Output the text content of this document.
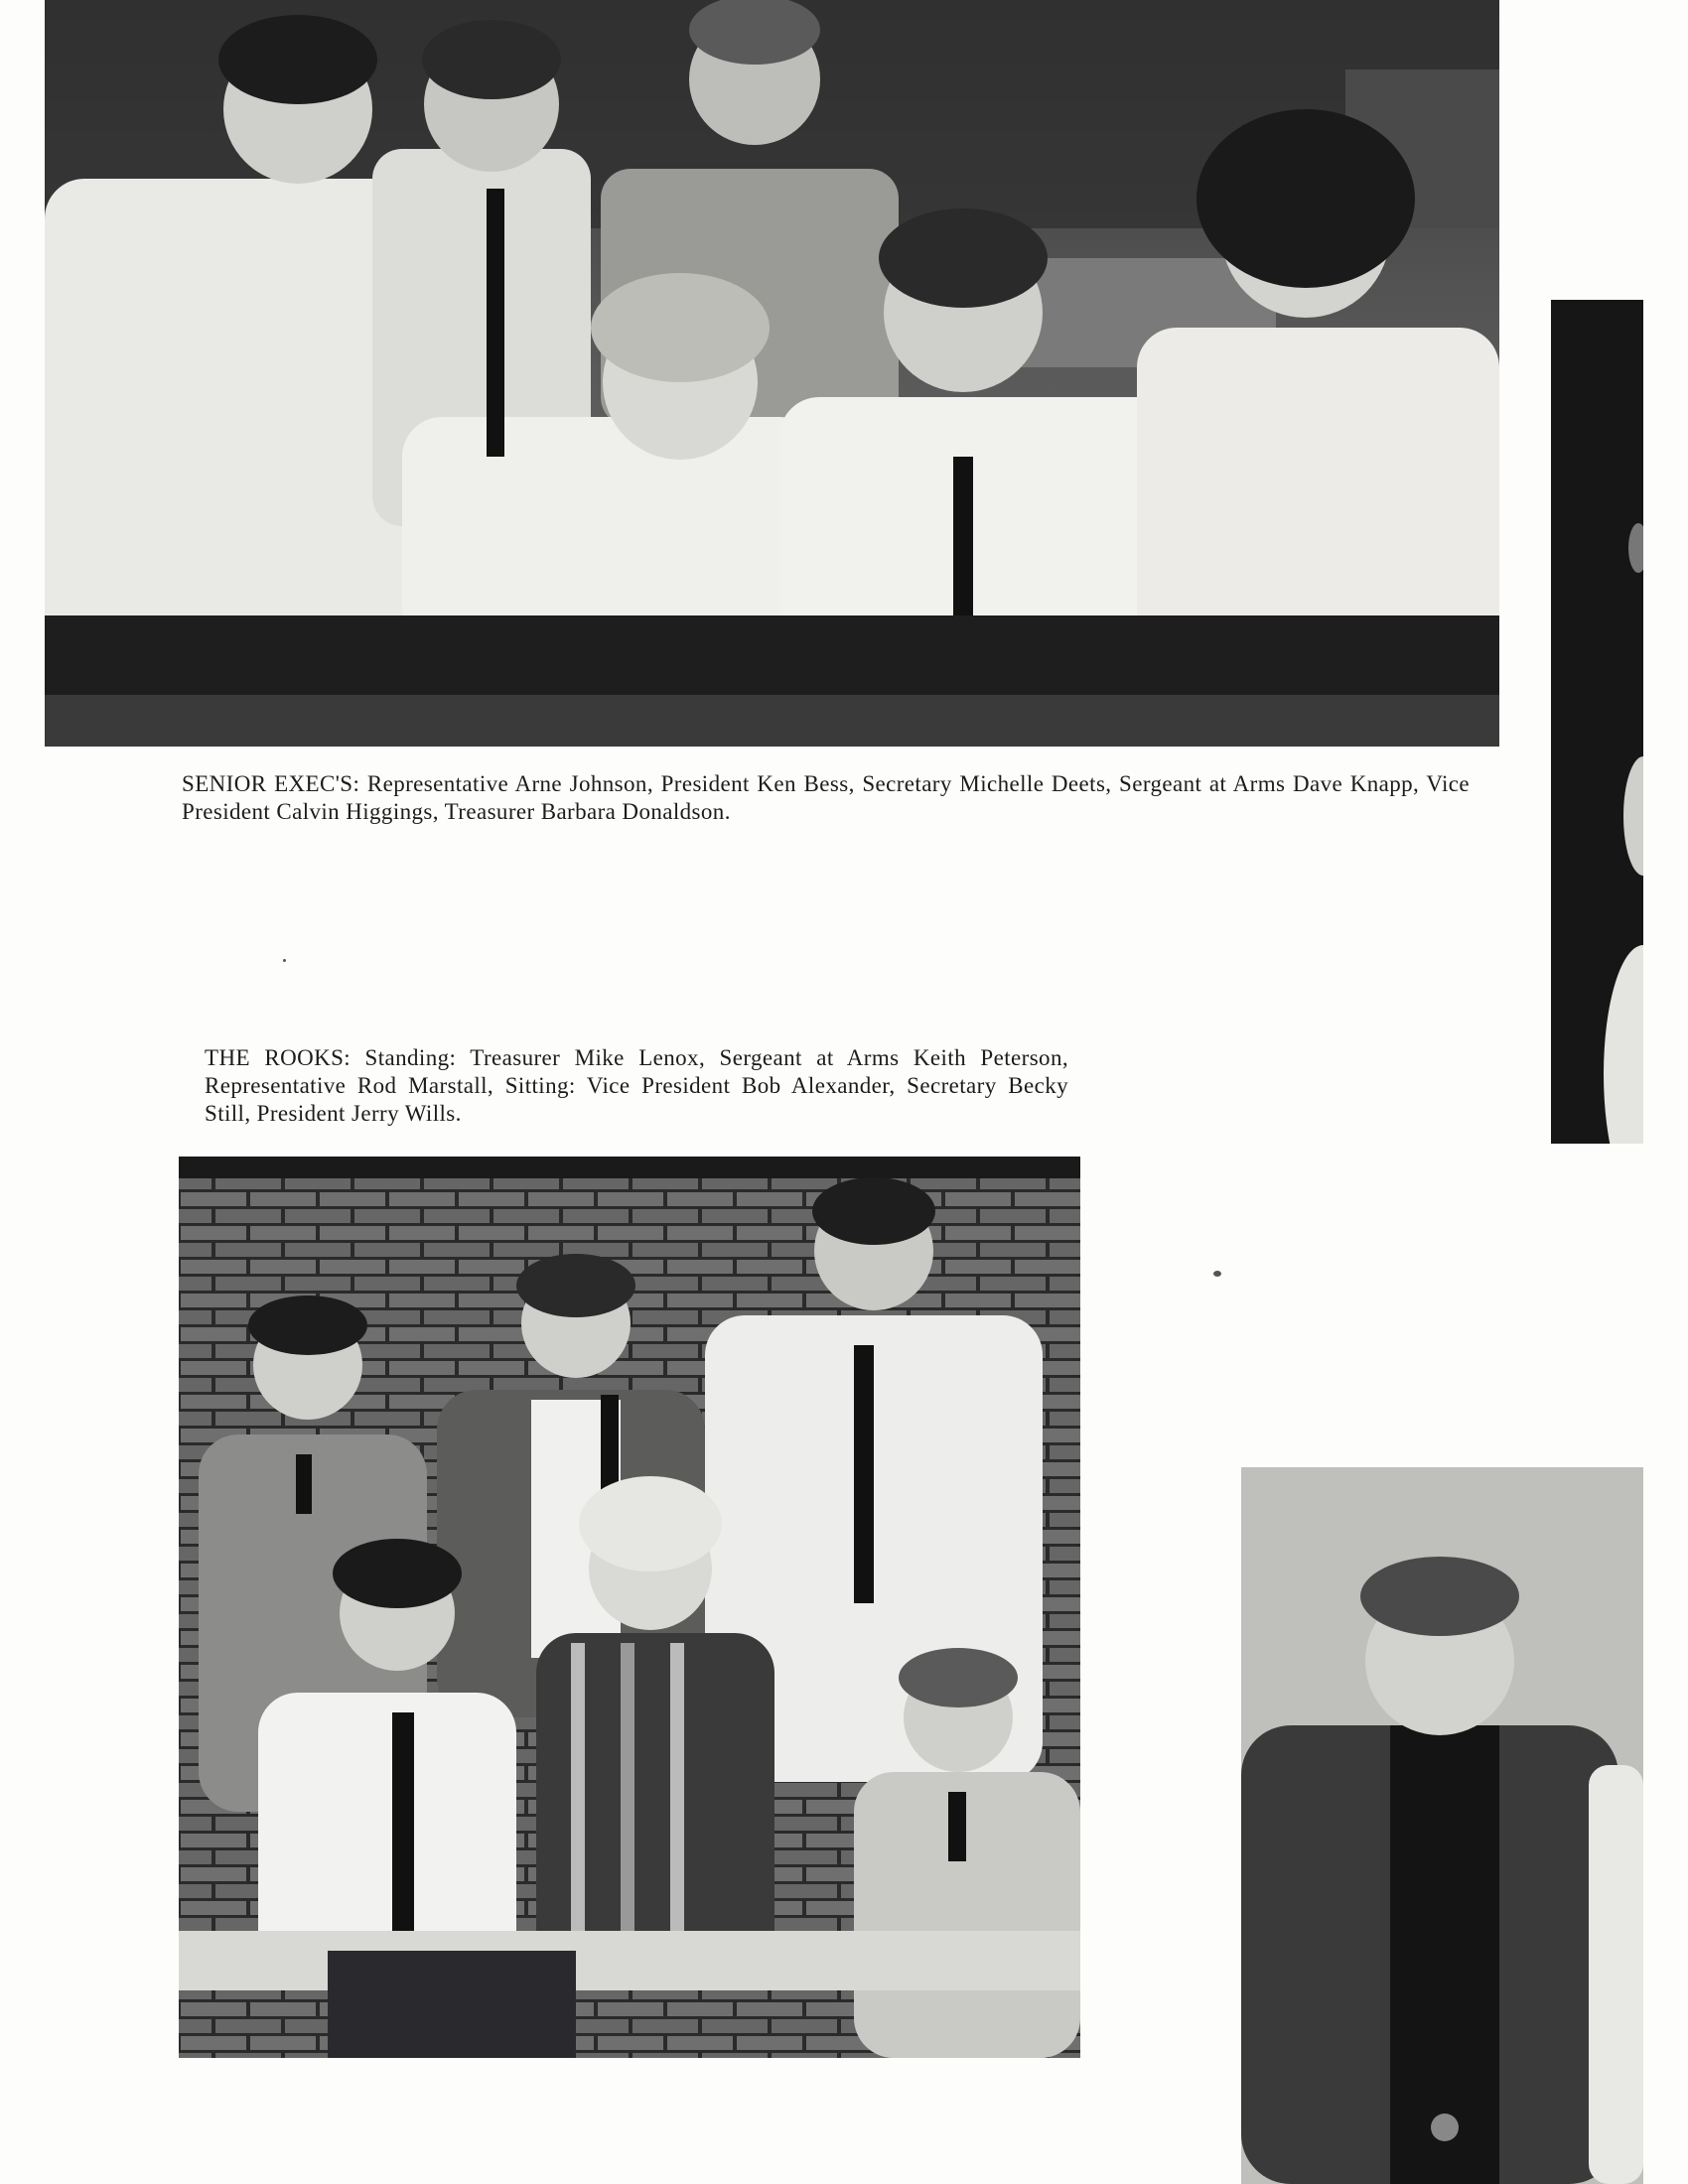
SENIOR EXEC'S: Representative Arne Johnson, President Ken Bess, Secretary Michelle Deets, Sergeant at Arms Dave Knapp, Vice President Calvin Higgings, Treasurer Barbara Donaldson.
THE ROOKS: Standing: Treasurer Mike Lenox, Sergeant at Arms Keith Peterson, Representative Rod Marstall, Sitting: Vice President Bob Alexander, Secretary Becky Still, President Jerry Wills.
